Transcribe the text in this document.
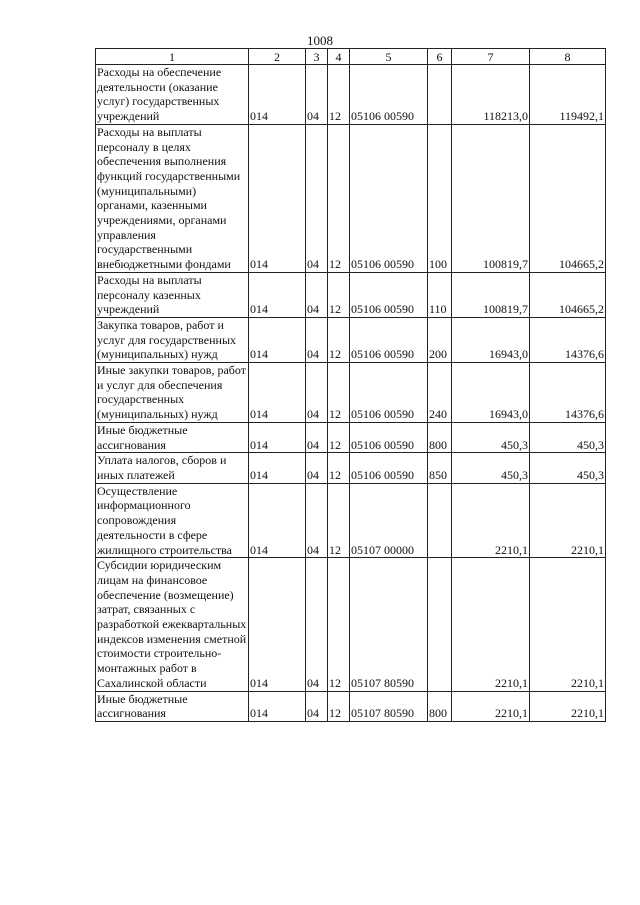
1008
1	2	3	4	5	6	7	8
Расходы на обеспечение деятельности (оказание услуг) государственных учреждений	014	04	12	05106 00590		118213,0	119492,1
Расходы на выплаты персоналу в целях обеспечения выполнения функций государственными (муниципальными) органами, казенными учреждениями, органами управления государственными внебюджетными фондами	014	04	12	05106 00590	100	100819,7	104665,2
Расходы на выплаты персоналу казенных учреждений	014	04	12	05106 00590	110	100819,7	104665,2
Закупка товаров, работ и услуг для государственных (муниципальных) нужд	014	04	12	05106 00590	200	16943,0	14376,6
Иные закупки товаров, работ и услуг для обеспечения государственных (муниципальных) нужд	014	04	12	05106 00590	240	16943,0	14376,6
Иные бюджетные ассигнования	014	04	12	05106 00590	800	450,3	450,3
Уплата налогов, сборов и иных платежей	014	04	12	05106 00590	850	450,3	450,3
Осуществление информационного сопровождения деятельности в сфере жилищного строительства	014	04	12	05107 00000		2210,1	2210,1
Субсидии юридическим лицам на финансовое обеспечение (возмещение) затрат, связанных с разработкой ежеквартальных индексов изменения сметной стоимости строительно-монтажных работ в Сахалинской области	014	04	12	05107 80590		2210,1	2210,1
Иные бюджетные ассигнования	014	04	12	05107 80590	800	2210,1	2210,1
